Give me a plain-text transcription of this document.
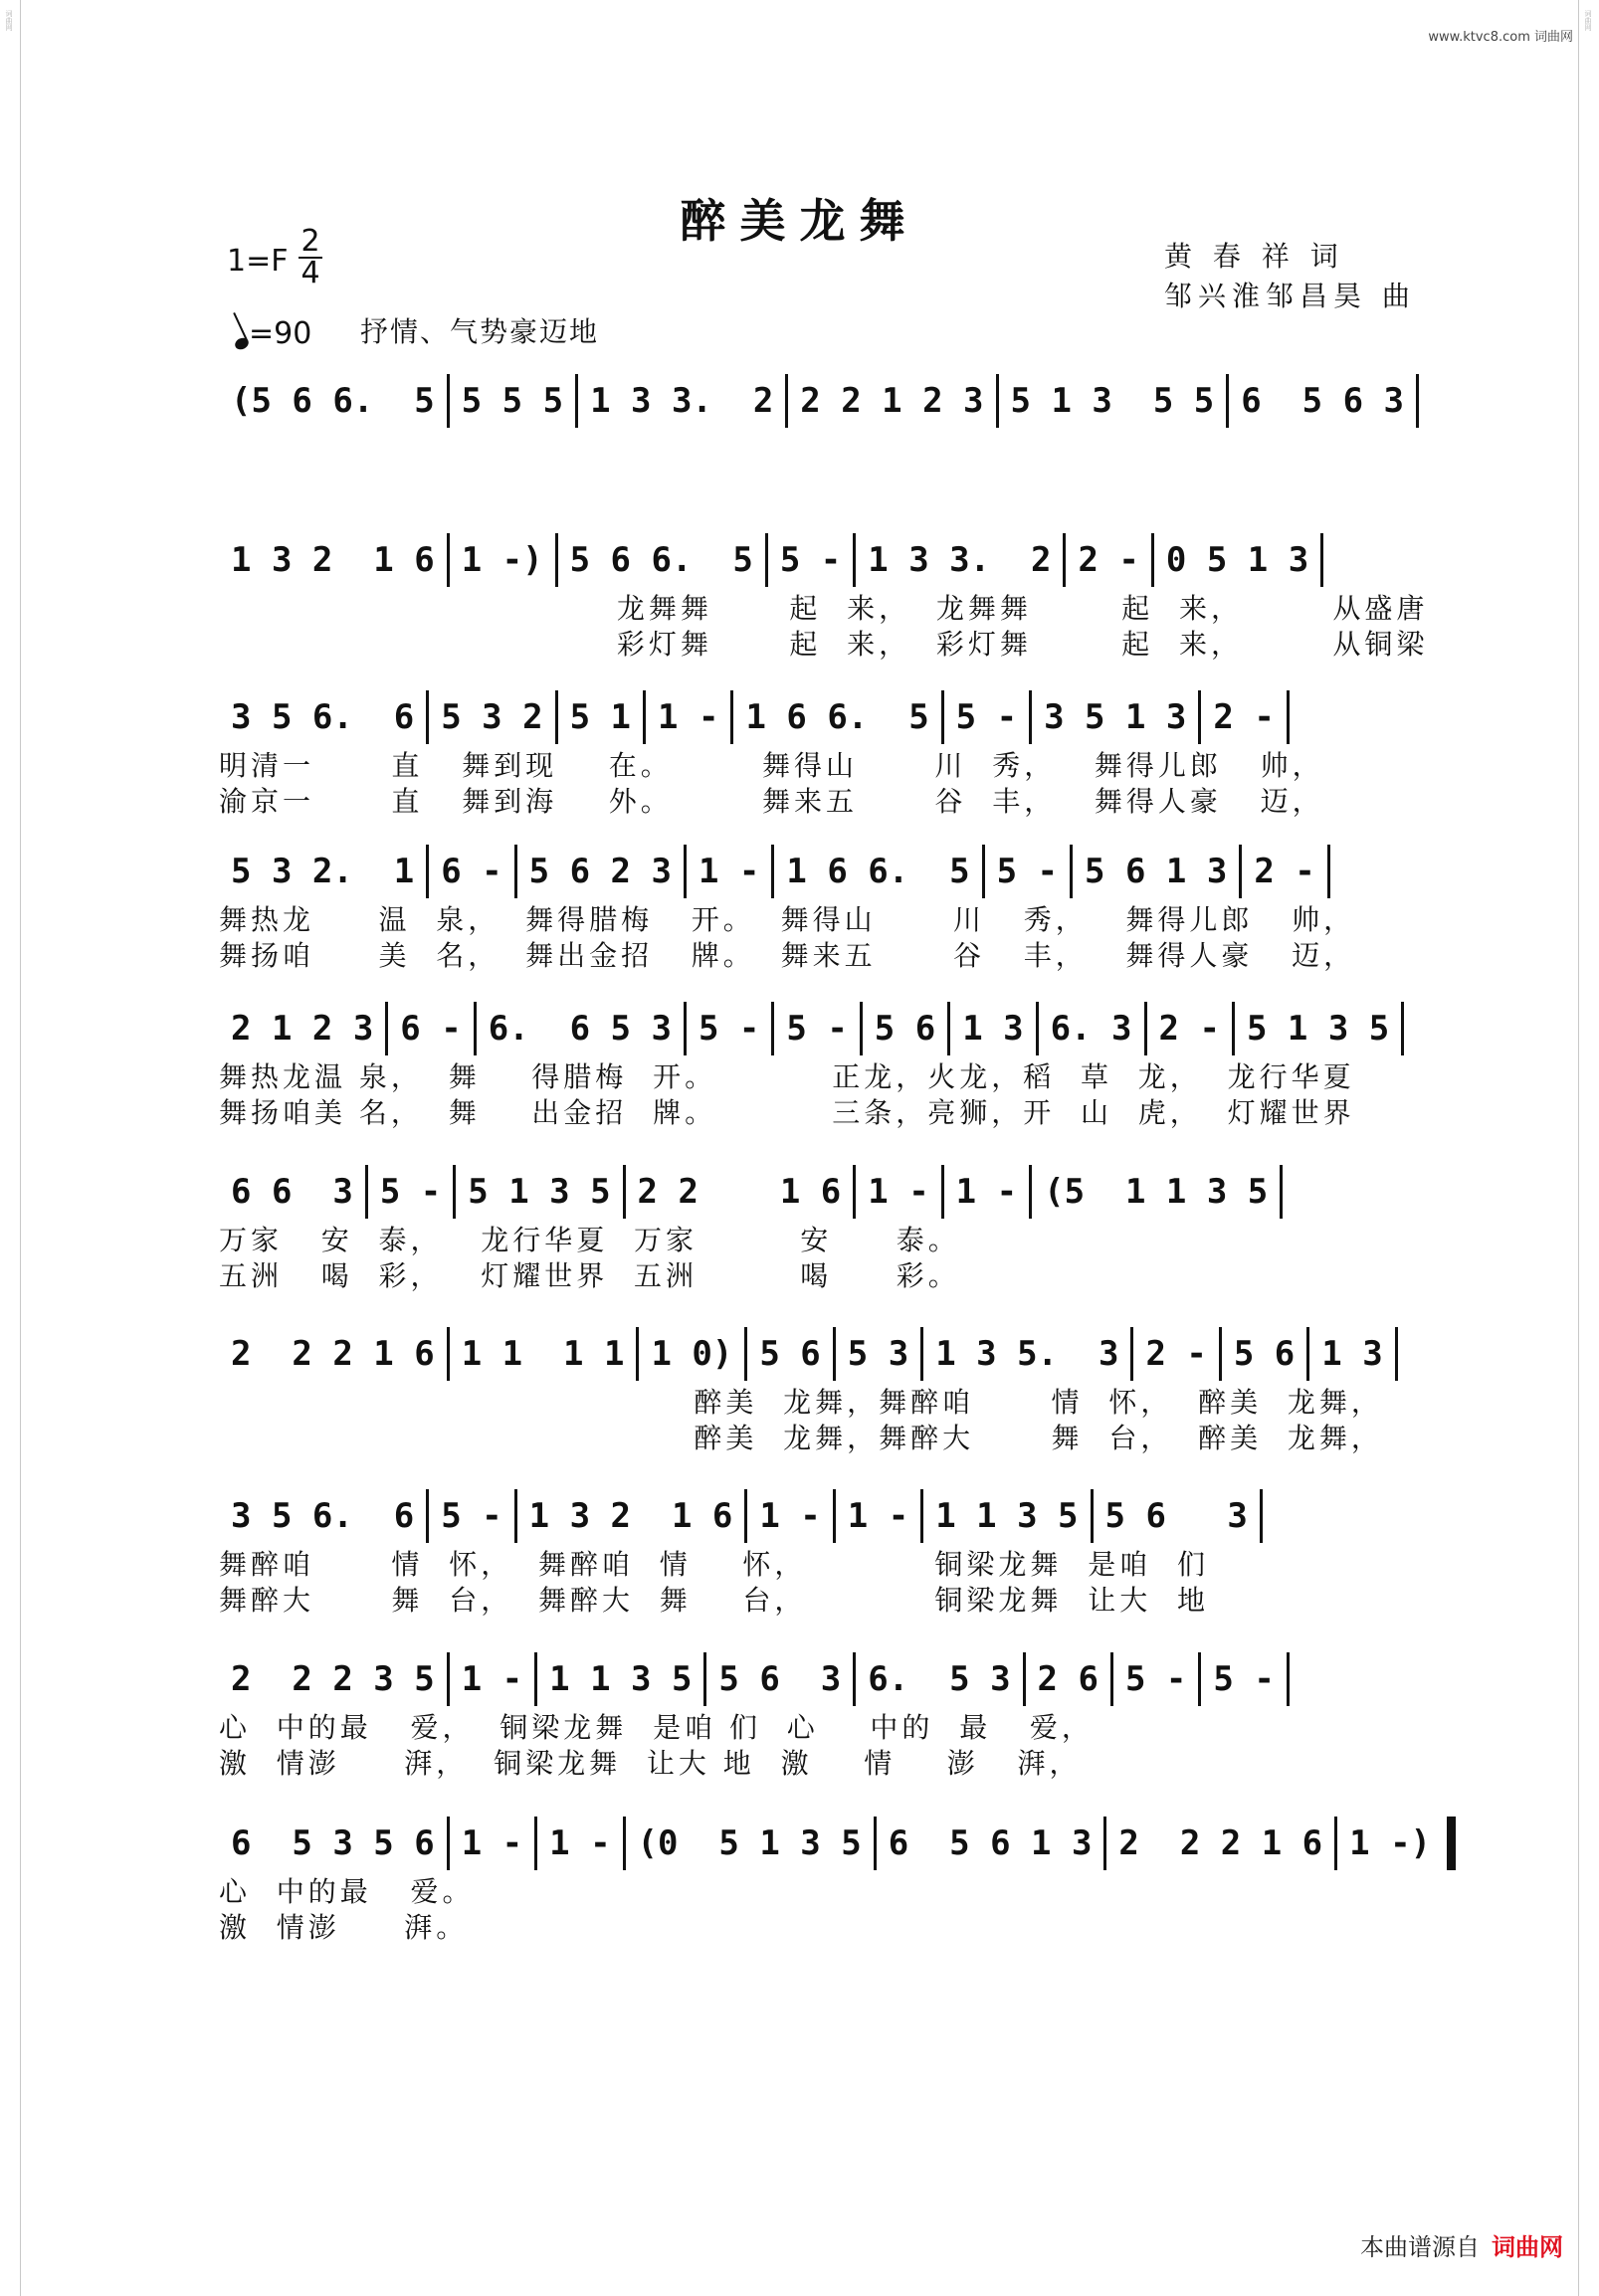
词曲网	词曲网
www.ktvc8.com 词曲网
醉美龙舞
1=F
2
4
=90 抒情、气势豪迈地
黄 春 祥 词
邹兴淮邹昌昊 曲
(5 6 6.  5 5 5 5 1 3 3.  2 2 2 1 2 3 5 1 3  5 5 6  5 6 3
1 3 2  1 6 1 -) 5 6 6.  5 5 - 1 3 3.  2 2 - 0 5 1 3
龙舞舞      起  来，  龙舞舞       起  来，       从盛唐
彩灯舞      起  来，  彩灯舞       起  来，       从铜梁
3 5 6.  6 5 3 2 5 1 1 - 1 6 6.  5 5 - 3 5 1 3 2 -
明清一      直   舞到现    在。       舞得山      川  秀，   舞得儿郎   帅，
渝京一      直   舞到海    外。       舞来五      谷  丰，   舞得人豪   迈，
5 3 2.  1 6 - 5 6 2 3 1 - 1 6 6.  5 5 - 5 6 1 3 2 -
舞热龙     温  泉，  舞得腊梅   开。  舞得山      川   秀，   舞得儿郎   帅，
舞扬咱     美  名，  舞出金招   牌。  舞来五      谷   丰，   舞得人豪   迈，
2 1 2 3 6 - 6.  6 5 3 5 - 5 - 5 6 1 3 6. 3 2 - 5 1 3 5
舞热龙温 泉，  舞    得腊梅  开。         正龙，火龙，稻  草  龙，  龙行华夏
舞扬咱美 名，  舞    出金招  牌。         三条，亮狮，开  山  虎，  灯耀世界
6 6  3 5 - 5 1 3 5 2 2    1 6 1 - 1 - (5  1 1 3 5
万家   安  泰，   龙行华夏  万家        安     泰。
五洲   喝  彩，   灯耀世界  五洲        喝     彩。
2  2 2 1 6 1 1  1 1 1 0) 5 6 5 3 1 3 5.  3 2 - 5 6 1 3
醉美  龙舞，舞醉咱      情  怀，  醉美  龙舞，
醉美  龙舞，舞醉大      舞  台，  醉美  龙舞，
3 5 6.  6 5 - 1 3 2  1 6 1 - 1 - 1 1 3 5 5 6   3
舞醉咱      情  怀，  舞醉咱  情    怀，          铜梁龙舞  是咱  们
舞醉大      舞  台，  舞醉大  舞    台，          铜梁龙舞  让大  地
2  2 2 3 5 1 - 1 1 3 5 5 6  3 6.  5 3 2 6 5 - 5 -
心  中的最   爱，  铜梁龙舞  是咱 们  心    中的  最   爱，
激  情澎     湃，  铜梁龙舞  让大 地  激    情    澎   湃，
6  5 3 5 6 1 - 1 - (0  5 1 3 5 6  5 6 1 3 2  2 2 1 6 1 -)
心  中的最   爱。
激  情澎     湃。
本曲谱源自 词曲网
